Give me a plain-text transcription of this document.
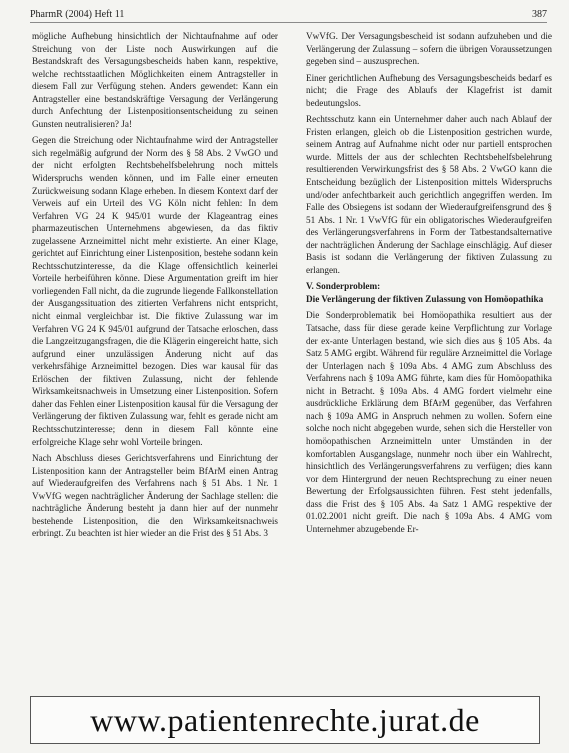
PharmR (2004) Heft 11	387

mögliche Aufhebung hinsichtlich der Nichtaufnahme auf oder Streichung von der Liste noch Auswirkungen auf die Bestandskraft des Versagungsbescheids haben kann, respektive, welche rechtsstaatlichen Möglichkeiten einem Antragsteller in diesem Fall zur Verfügung stehen. Anders gewendet: Kann ein Antragsteller eine bestandskräftige Versagung der Verlängerung durch Anfechtung der Listenpositionsentscheidung zu seinen Gunsten neutralisieren? Ja!

Gegen die Streichung oder Nichtaufnahme wird der Antragsteller sich regelmäßig aufgrund der Norm des § 58 Abs. 2 VwGO und der nicht erfolgten Rechtsbehelfsbelehrung noch mittels Widerspruchs wenden können, und im Falle einer erneuten Zurückweisung sodann Klage erheben. In diesem Kontext darf der Verweis auf ein Urteil des VG Köln nicht fehlen: In dem Verfahren VG 24 K 945/01 wurde der Klageantrag eines pharmazeutischen Unternehmens abgewiesen, da das fiktiv zugelassene Arzneimittel nicht mehr existierte. An einer Klage, gerichtet auf Einrichtung einer Listenposition, bestehe sodann kein Rechtsschutzinteresse, da die Klage offensichtlich keinerlei Vorteile herbeiführen könne. Diese Argumentation greift im hier vorliegenden Fall nicht, da die zugrunde liegende Fallkonstellation der Ausgangssituation des zitierten Verfahrens nicht entspricht, nicht einmal vergleichbar ist. Die fiktive Zulassung war im Verfahren VG 24 K 945/01 aufgrund der Tatsache erloschen, dass die Langzeitzugangsfragen, die die Klägerin eingereicht hatte, sich aufgrund einer unzulässigen Änderung nicht auf das verkehrsfähige Arzneimittel bezogen. Dies war kausal für das Erlöschen der fiktiven Zulassung, nicht der fehlende Wirksamkeitsnachweis in Umsetzung einer Listenposition. Sofern daher das Fehlen einer Listenposition kausal für die Versagung der Verlängerung der fiktiven Zulassung war, fehlt es gerade nicht am Rechtsschutzinteresse; denn in diesem Fall könnte eine erfolgreiche Klage sehr wohl Vorteile bringen.

Nach Abschluss dieses Gerichtsverfahrens und Einrichtung der Listenposition kann der Antragsteller beim BfArM einen Antrag auf Wiederaufgreifen des Verfahrens nach § 51 Abs. 1 Nr. 1 VwVfG wegen nachträglicher Änderung der Sachlage stellen: die nachträgliche Änderung besteht ja dann hier auf der nunmehr bestehende Listenposition, die den Wirksamkeitsnachweis erbringt. Zu beachten ist hier wieder an die Frist des § 51 Abs. 3

VwVfG. Der Versagungsbescheid ist sodann aufzuheben und die Verlängerung der Zulassung – sofern die übrigen Voraussetzungen gegeben sind – auszusprechen.

Einer gerichtlichen Aufhebung des Versagungsbescheids bedarf es nicht; die Frage des Ablaufs der Klagefrist ist damit bedeutungslos.

Rechtsschutz kann ein Unternehmer daher auch nach Ablauf der Fristen erlangen, gleich ob die Listenposition gestrichen wurde, seinem Antrag auf Aufnahme nicht oder nur partiell entsprochen wurde. Mittels der aus der schlechten Rechtsbehelfsbelehrung resultierenden Verwirkungsfrist des § 58 Abs. 2 VwGO kann die Entscheidung bezüglich der Listenposition mittels Widerspruchs und/oder anfechtbarkeit auch gerichtlich angegriffen werden. Im Falle des Obsiegens ist sodann der Wiederaufgreifensgrund des § 51 Abs. 1 Nr. 1 VwVfG für ein obligatorisches Wiederaufgreifen des Verlängerungsverfahrens in Form der Tatbestandsalternative der nachträglichen Änderung der Sachlage einschlägig. Auf dieser Basis ist sodann die Verlängerung der fiktiven Zulassung zu erlangen.

V. Sonderproblem:
Die Verlängerung der fiktiven Zulassung von Homöopathika

Die Sonderproblematik bei Homöopathika resultiert aus der Tatsache, dass für diese gerade keine Verpflichtung zur Vorlage der ex-ante Unterlagen bestand, wie sich dies aus § 105 Abs. 4a Satz 5 AMG ergibt. Während für reguläre Arzneimittel die Vorlage der Unterlagen nach § 109a Abs. 4 AMG zum Abschluss des Verfahrens nach § 109a AMG führte, kam dies für Homöopathika nicht in Betracht. § 109a Abs. 4 AMG fordert vielmehr eine ausdrückliche Erklärung dem BfArM gegenüber, das Verfahren nach § 109a AMG in Anspruch nehmen zu wollen. Sofern eine solche noch nicht abgegeben wurde, sehen sich die Hersteller von homöopathischen Arzneimitteln unter Umständen in der komfortablen Ausgangslage, nunmehr noch über ein Wahlrecht, hinsichtlich des Verlängerungsverfahrens zu verfügen; dies kann vor dem Hintergrund der neuen Rechtsprechung zu einer neuen Bewertung der Erfolgsaussichten führen. Fest steht jedenfalls, dass die Frist des § 105 Abs. 4a Satz 1 AMG respektive der 01.02.2001 nicht greift. Die nach § 109a Abs. 4 AMG vom Unternehmer abzugebende Er-

www.patientenrechte.jurat.de
